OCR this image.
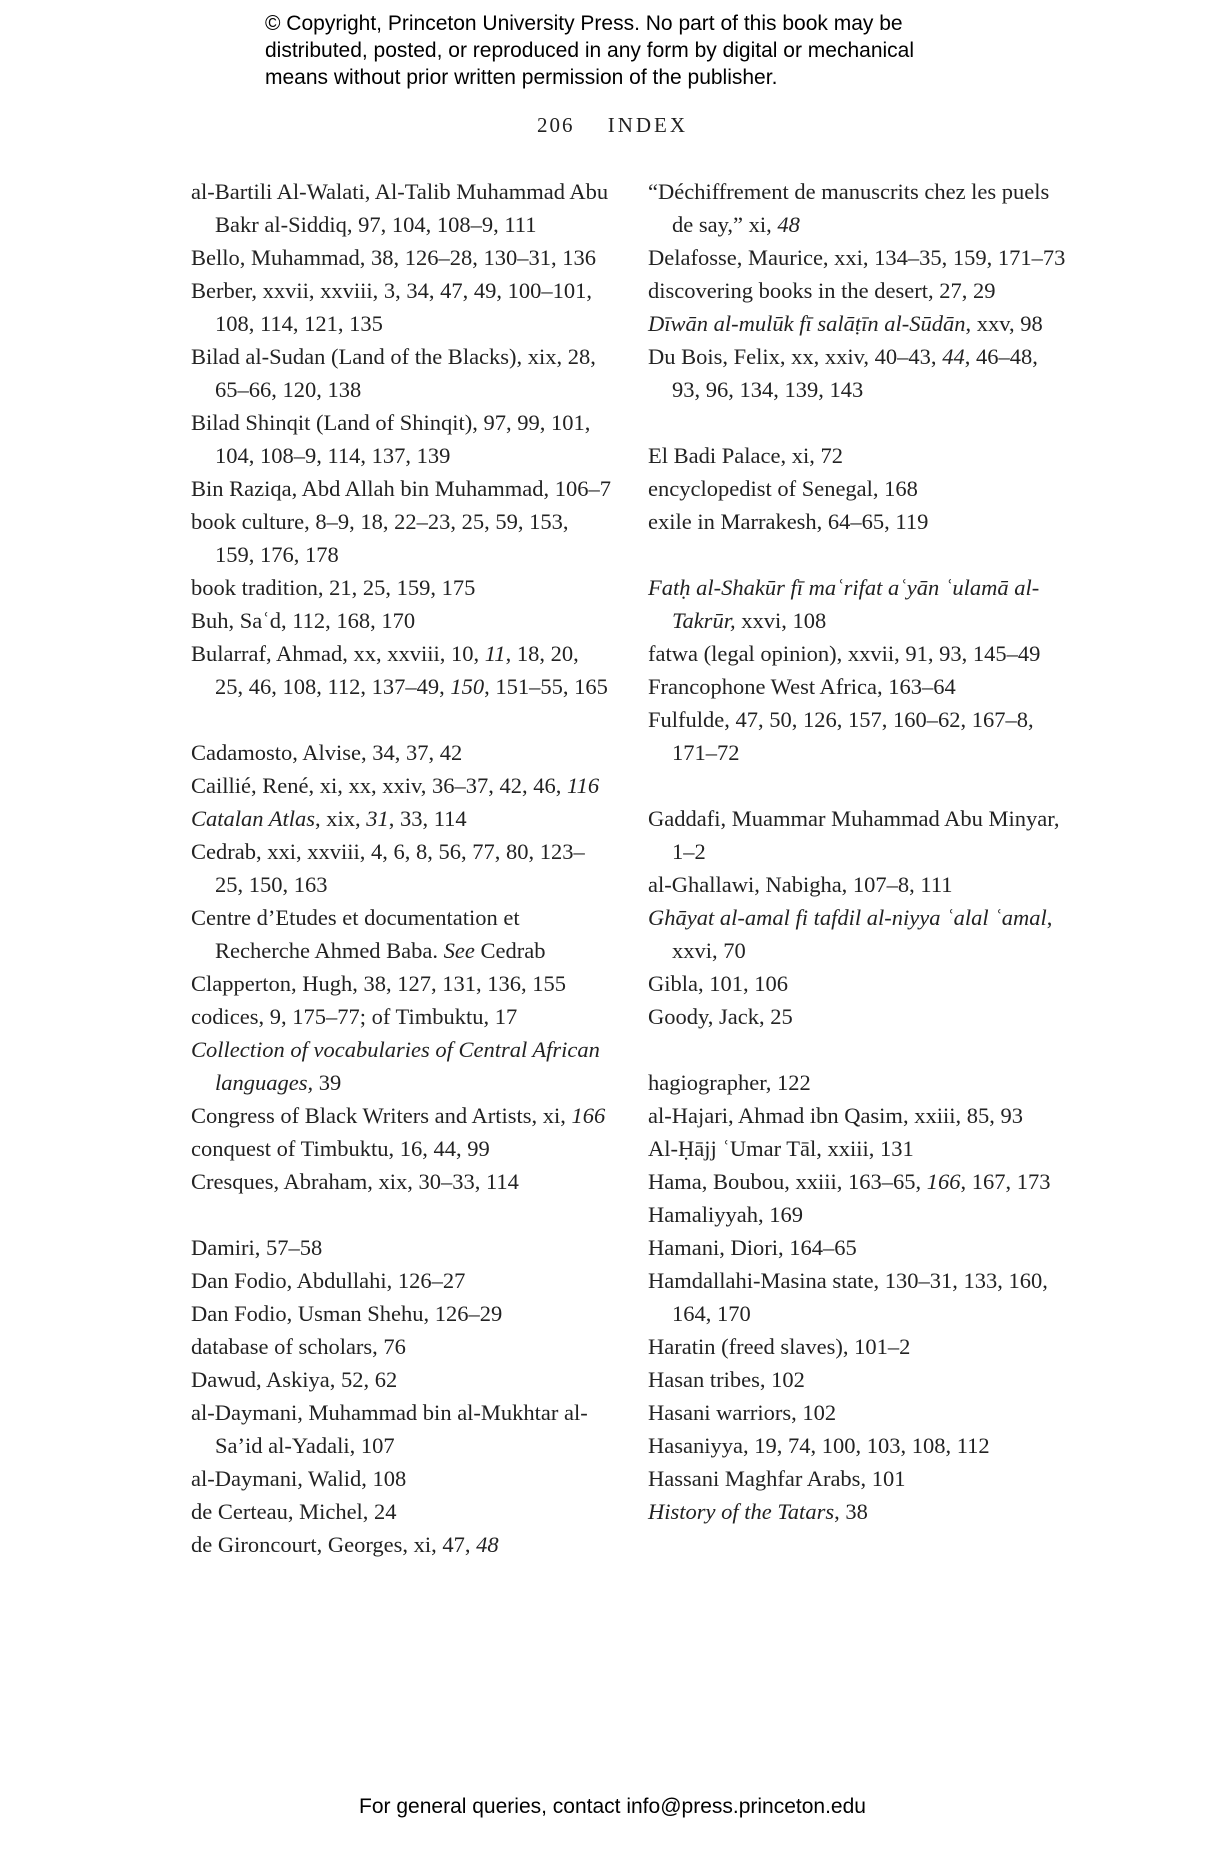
© Copyright, Princeton University Press. No part of this book may be
distributed, posted, or reproduced in any form by digital or mechanical
means without prior written permission of the publisher.
206 INDEX
al-Bartili Al-Walati, Al-Talib Muhammad Abu Bakr al-Siddiq, 97, 104, 108–9, 111
Bello, Muhammad, 38, 126–28, 130–31, 136
Berber, xxvii, xxviii, 3, 34, 47, 49, 100–101, 108, 114, 121, 135
Bilad al-Sudan (Land of the Blacks), xix, 28, 65–66, 120, 138
Bilad Shinqit (Land of Shinqit), 97, 99, 101, 104, 108–9, 114, 137, 139
Bin Raziqa, Abd Allah bin Muhammad, 106–7
book culture, 8–9, 18, 22–23, 25, 59, 153, 159, 176, 178
book tradition, 21, 25, 159, 175
Buh, Saʿd, 112, 168, 170
Bularraf, Ahmad, xx, xxviii, 10, 11, 18, 20, 25, 46, 108, 112, 137–49, 150, 151–55, 165
Cadamosto, Alvise, 34, 37, 42
Caillié, René, xi, xx, xxiv, 36–37, 42, 46, 116
Catalan Atlas, xix, 31, 33, 114
Cedrab, xxi, xxviii, 4, 6, 8, 56, 77, 80, 123–25, 150, 163
Centre d’Etudes et documentation et Recherche Ahmed Baba. See Cedrab
Clapperton, Hugh, 38, 127, 131, 136, 155
codices, 9, 175–77; of Timbuktu, 17
Collection of vocabularies of Central African languages, 39
Congress of Black Writers and Artists, xi, 166
conquest of Timbuktu, 16, 44, 99
Cresques, Abraham, xix, 30–33, 114
Damiri, 57–58
Dan Fodio, Abdullahi, 126–27
Dan Fodio, Usman Shehu, 126–29
database of scholars, 76
Dawud, Askiya, 52, 62
al-Daymani, Muhammad bin al-Mukhtar al-Sa’id al-Yadali, 107
al-Daymani, Walid, 108
de Certeau, Michel, 24
de Gironcourt, Georges, xi, 47, 48
“Déchiffrement de manuscrits chez les puels de say,” xi, 48
Delafosse, Maurice, xxi, 134–35, 159, 171–73
discovering books in the desert, 27, 29
Dīwān al-mulūk fī salāṭīn al-Sūdān, xxv, 98
Du Bois, Felix, xx, xxiv, 40–43, 44, 46–48, 93, 96, 134, 139, 143
El Badi Palace, xi, 72
encyclopedist of Senegal, 168
exile in Marrakesh, 64–65, 119
Fatḥ al-Shakūr fī maʿrifat aʿyān ʿulamā al-Takrūr, xxvi, 108
fatwa (legal opinion), xxvii, 91, 93, 145–49
Francophone West Africa, 163–64
Fulfulde, 47, 50, 126, 157, 160–62, 167–8, 171–72
Gaddafi, Muammar Muhammad Abu Minyar, 1–2
al-Ghallawi, Nabigha, 107–8, 111
Ghāyat al-amal fi tafdil al-niyya ʿalal ʿamal, xxvi, 70
Gibla, 101, 106
Goody, Jack, 25
hagiographer, 122
al-Hajari, Ahmad ibn Qasim, xxiii, 85, 93
Al-Ḥājj ʿUmar Tāl, xxiii, 131
Hama, Boubou, xxiii, 163–65, 166, 167, 173
Hamaliyyah, 169
Hamani, Diori, 164–65
Hamdallahi-Masina state, 130–31, 133, 160, 164, 170
Haratin (freed slaves), 101–2
Hasan tribes, 102
Hasani warriors, 102
Hasaniyya, 19, 74, 100, 103, 108, 112
Hassani Maghfar Arabs, 101
History of the Tatars, 38
For general queries, contact info@press.princeton.edu
